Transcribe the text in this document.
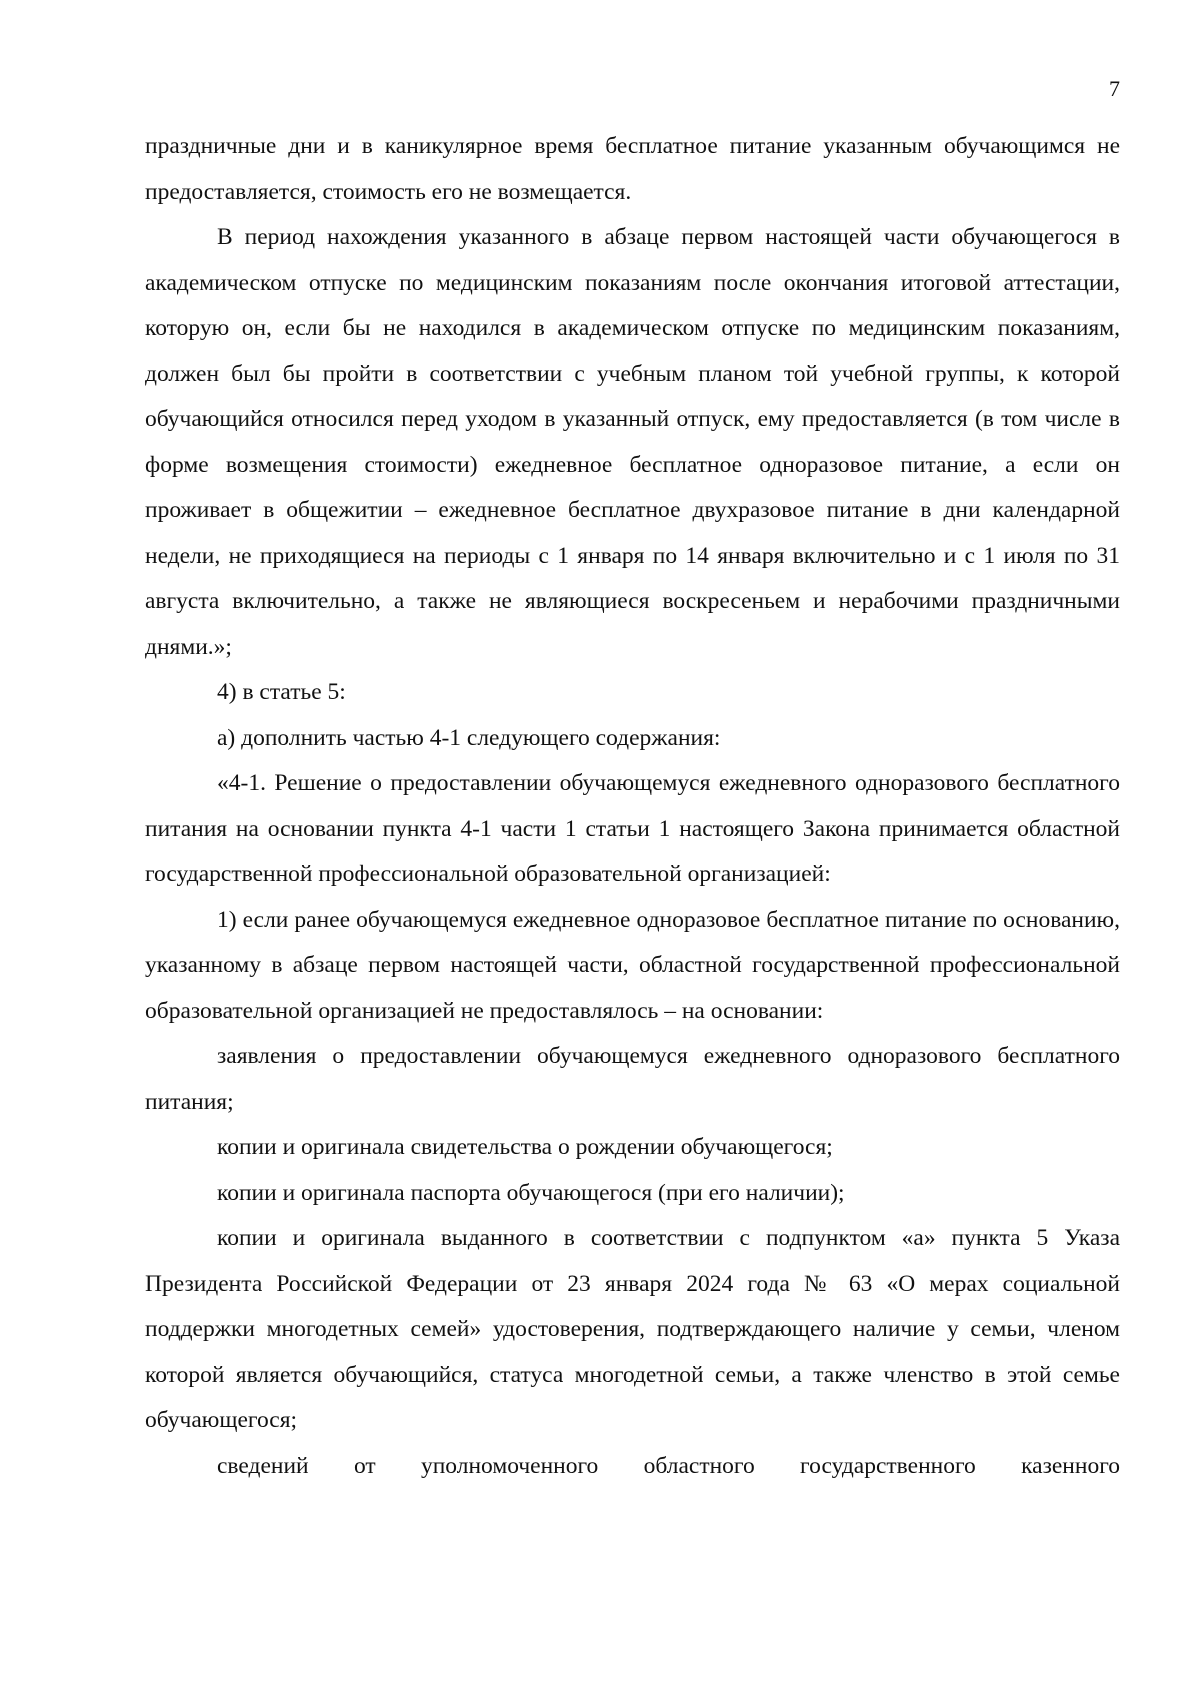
7

праздничные дни и в каникулярное время бесплатное питание указанным обучающимся не предоставляется, стоимость его не возмещается.

В период нахождения указанного в абзаце первом настоящей части обучающегося в академическом отпуске по медицинским показаниям после окончания итоговой аттестации, которую он, если бы не находился в академическом отпуске по медицинским показаниям, должен был бы пройти в соответствии с учебным планом той учебной группы, к которой обучающийся относился перед уходом в указанный отпуск, ему предоставляется (в том числе в форме возмещения стоимости) ежедневное бесплатное одноразовое питание, а если он проживает в общежитии – ежедневное бесплатное двухразовое питание в дни календарной недели, не приходящиеся на периоды с 1 января по 14 января включительно и с 1 июля по 31 августа включительно, а также не являющиеся воскресеньем и нерабочими праздничными днями.»;

4) в статье 5:

а) дополнить частью 4-1 следующего содержания:

«4-1. Решение о предоставлении обучающемуся ежедневного одноразового бесплатного питания на основании пункта 4-1 части 1 статьи 1 настоящего Закона принимается областной государственной профессиональной образовательной организацией:

1) если ранее обучающемуся ежедневное одноразовое бесплатное питание по основанию, указанному в абзаце первом настоящей части, областной государственной профессиональной образовательной организацией не предоставлялось – на основании:

заявления о предоставлении обучающемуся ежедневного одноразового бесплатного питания;

копии и оригинала свидетельства о рождении обучающегося;

копии и оригинала паспорта обучающегося (при его наличии);

копии и оригинала выданного в соответствии с подпунктом «а» пункта 5 Указа Президента Российской Федерации от 23 января 2024 года № 63 «О мерах социальной поддержки многодетных семей» удостоверения, подтверждающего наличие у семьи, членом которой является обучающийся, статуса многодетной семьи, а также членство в этой семье обучающегося;

сведений от уполномоченного областного государственного казенного
